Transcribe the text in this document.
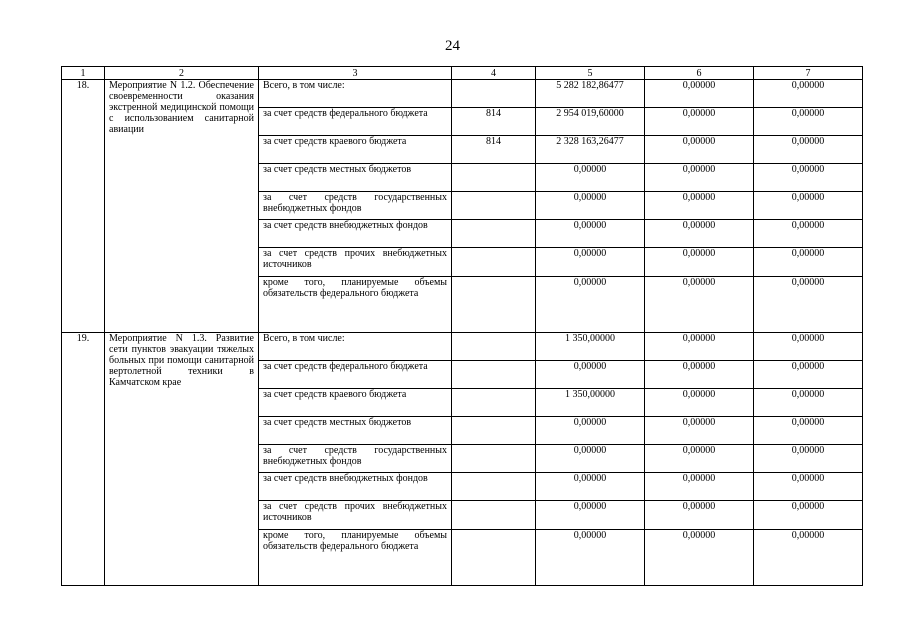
24
1	2	3	4	5	6	7
18.	Мероприятие N 1.2. Обеспечение своевременности оказания экстренной медицинской помощи с использованием санитарной авиации	Всего, в том числе:		5 282 182,86477	0,00000	0,00000
		за счет средств федерального бюджета	814	2 954 019,60000	0,00000	0,00000
		за счет средств краевого бюджета	814	2 328 163,26477	0,00000	0,00000
		за счет средств местных бюджетов		0,00000	0,00000	0,00000
		за счет средств государственных внебюджетных фондов		0,00000	0,00000	0,00000
		за счет средств внебюджетных фондов		0,00000	0,00000	0,00000
		за счет средств прочих внебюджетных источников		0,00000	0,00000	0,00000
		кроме того, планируемые объемы обязательств федерального бюджета		0,00000	0,00000	0,00000
19.	Мероприятие N 1.3. Развитие сети пунктов эвакуации тяжелых больных при помощи санитарной вертолетной техники в Камчатском крае	Всего, в том числе:		1 350,00000	0,00000	0,00000
		за счет средств федерального бюджета		0,00000	0,00000	0,00000
		за счет средств краевого бюджета		1 350,00000	0,00000	0,00000
		за счет средств местных бюджетов		0,00000	0,00000	0,00000
		за счет средств государственных внебюджетных фондов		0,00000	0,00000	0,00000
		за счет средств внебюджетных фондов		0,00000	0,00000	0,00000
		за счет средств прочих внебюджетных источников		0,00000	0,00000	0,00000
		кроме того, планируемые объемы обязательств федерального бюджета		0,00000	0,00000	0,00000
